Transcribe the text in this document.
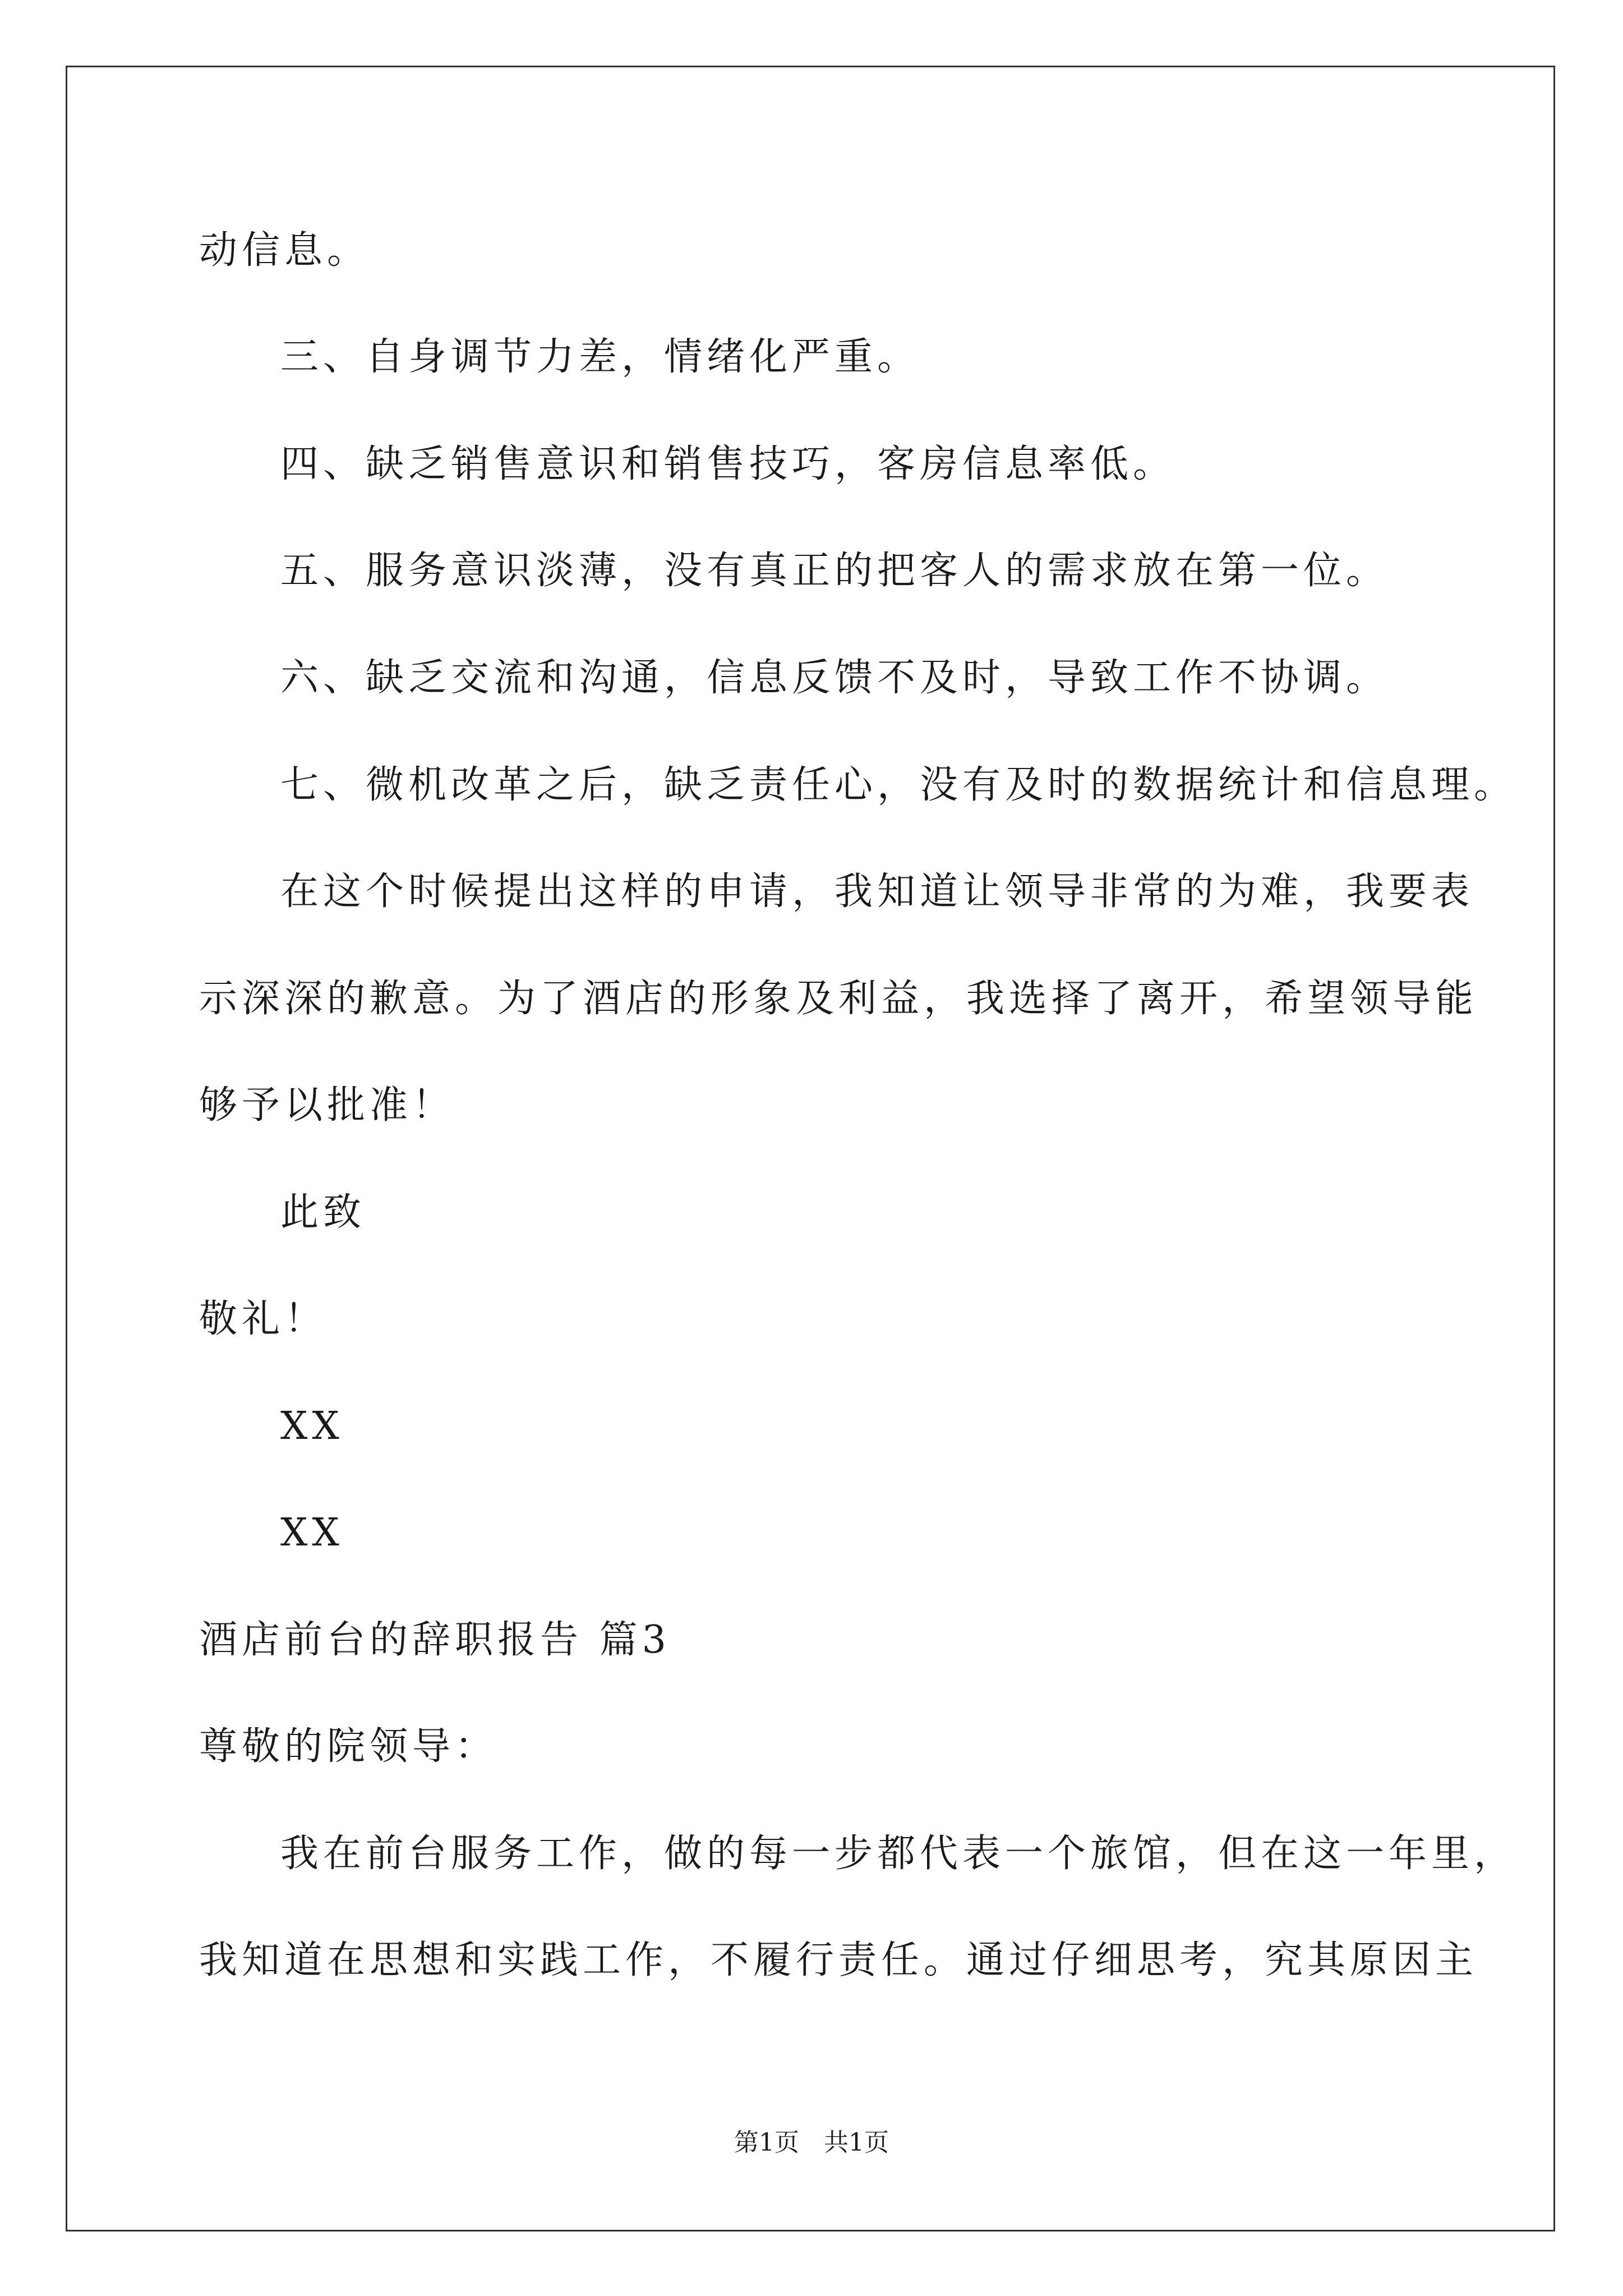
动信息。
三、自身调节力差，情绪化严重。
四、缺乏销售意识和销售技巧，客房信息率低。
五、服务意识淡薄，没有真正的把客人的需求放在第一位。
六、缺乏交流和沟通，信息反馈不及时，导致工作不协调。
七、微机改革之后，缺乏责任心，没有及时的数据统计和信息理。
在这个时候提出这样的申请，我知道让领导非常的为难，我要表
示深深的歉意。为了酒店的形象及利益，我选择了离开，希望领导能
够予以批准！
此致
敬礼！
XX
XX
酒店前台的辞职报告 篇3
尊敬的院领导：
我在前台服务工作，做的每一步都代表一个旅馆，但在这一年里，
我知道在思想和实践工作，不履行责任。通过仔细思考，究其原因主
第1页　共1页
